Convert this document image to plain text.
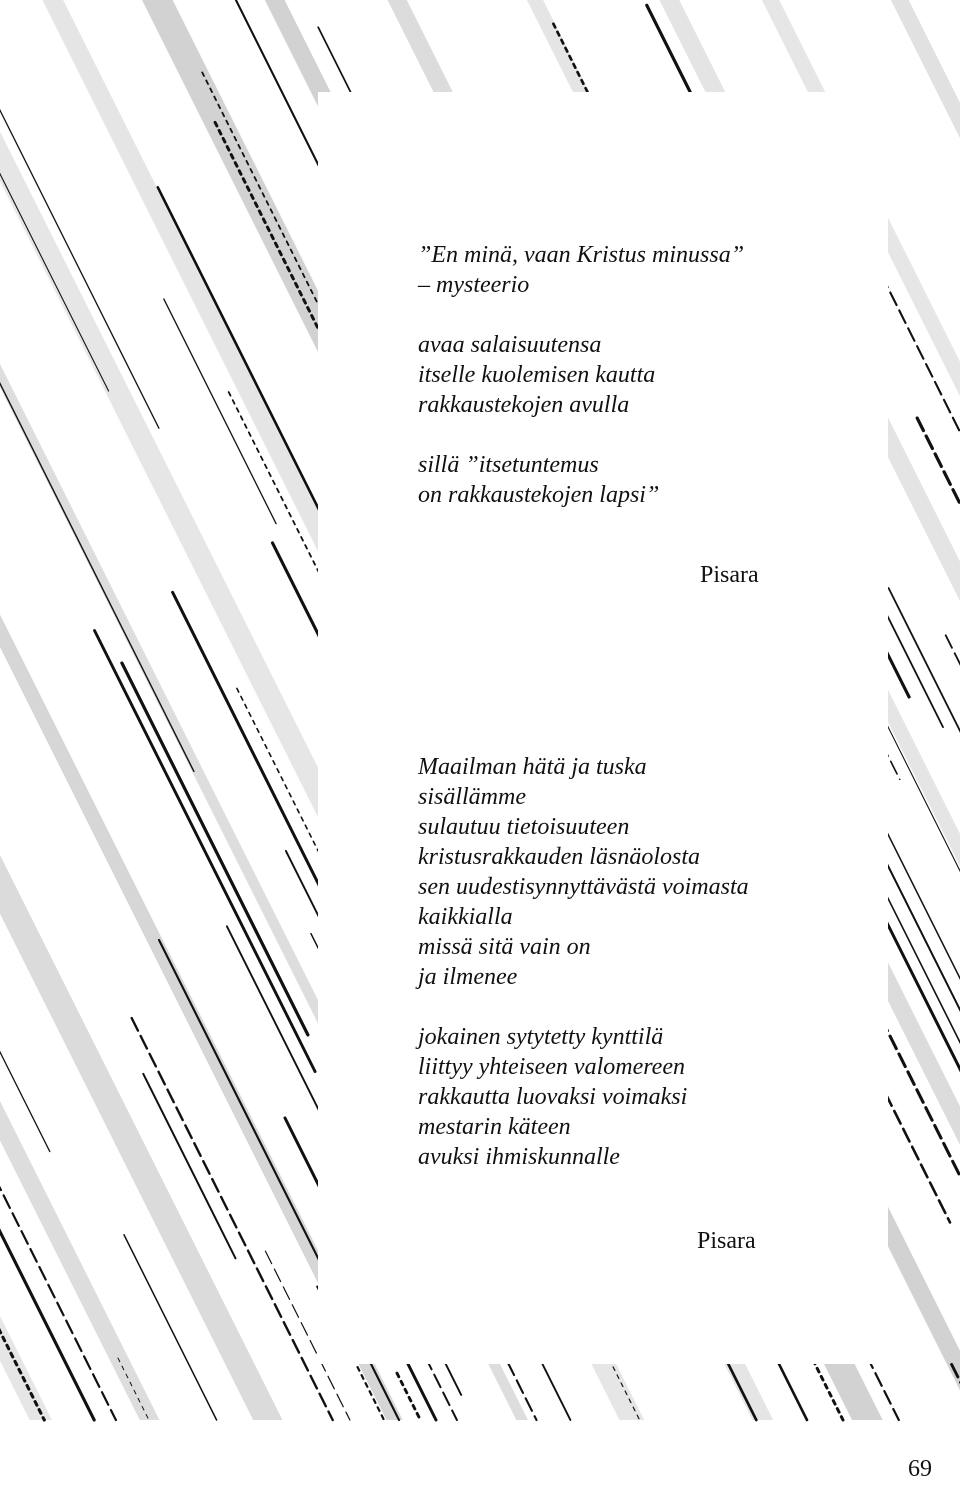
”En minä, vaan Kristus minussa”
– mysteerio
avaa salaisuutensa
itselle kuolemisen kautta
rakkaustekojen avulla
sillä ”itsetuntemus
on rakkaustekojen lapsi”
Pisara
Maailman hätä ja tuska
sisällämme
sulautuu tietoisuuteen
kristusrakkauden läsnäolosta
sen uudestisynnyttävästä voimasta
kaikkialla
missä sitä vain on
ja ilmenee
jokainen sytytetty kynttilä
liittyy yhteiseen valomereen
rakkautta luovaksi voimaksi
mestarin käteen
avuksi ihmiskunnalle
Pisara
69
